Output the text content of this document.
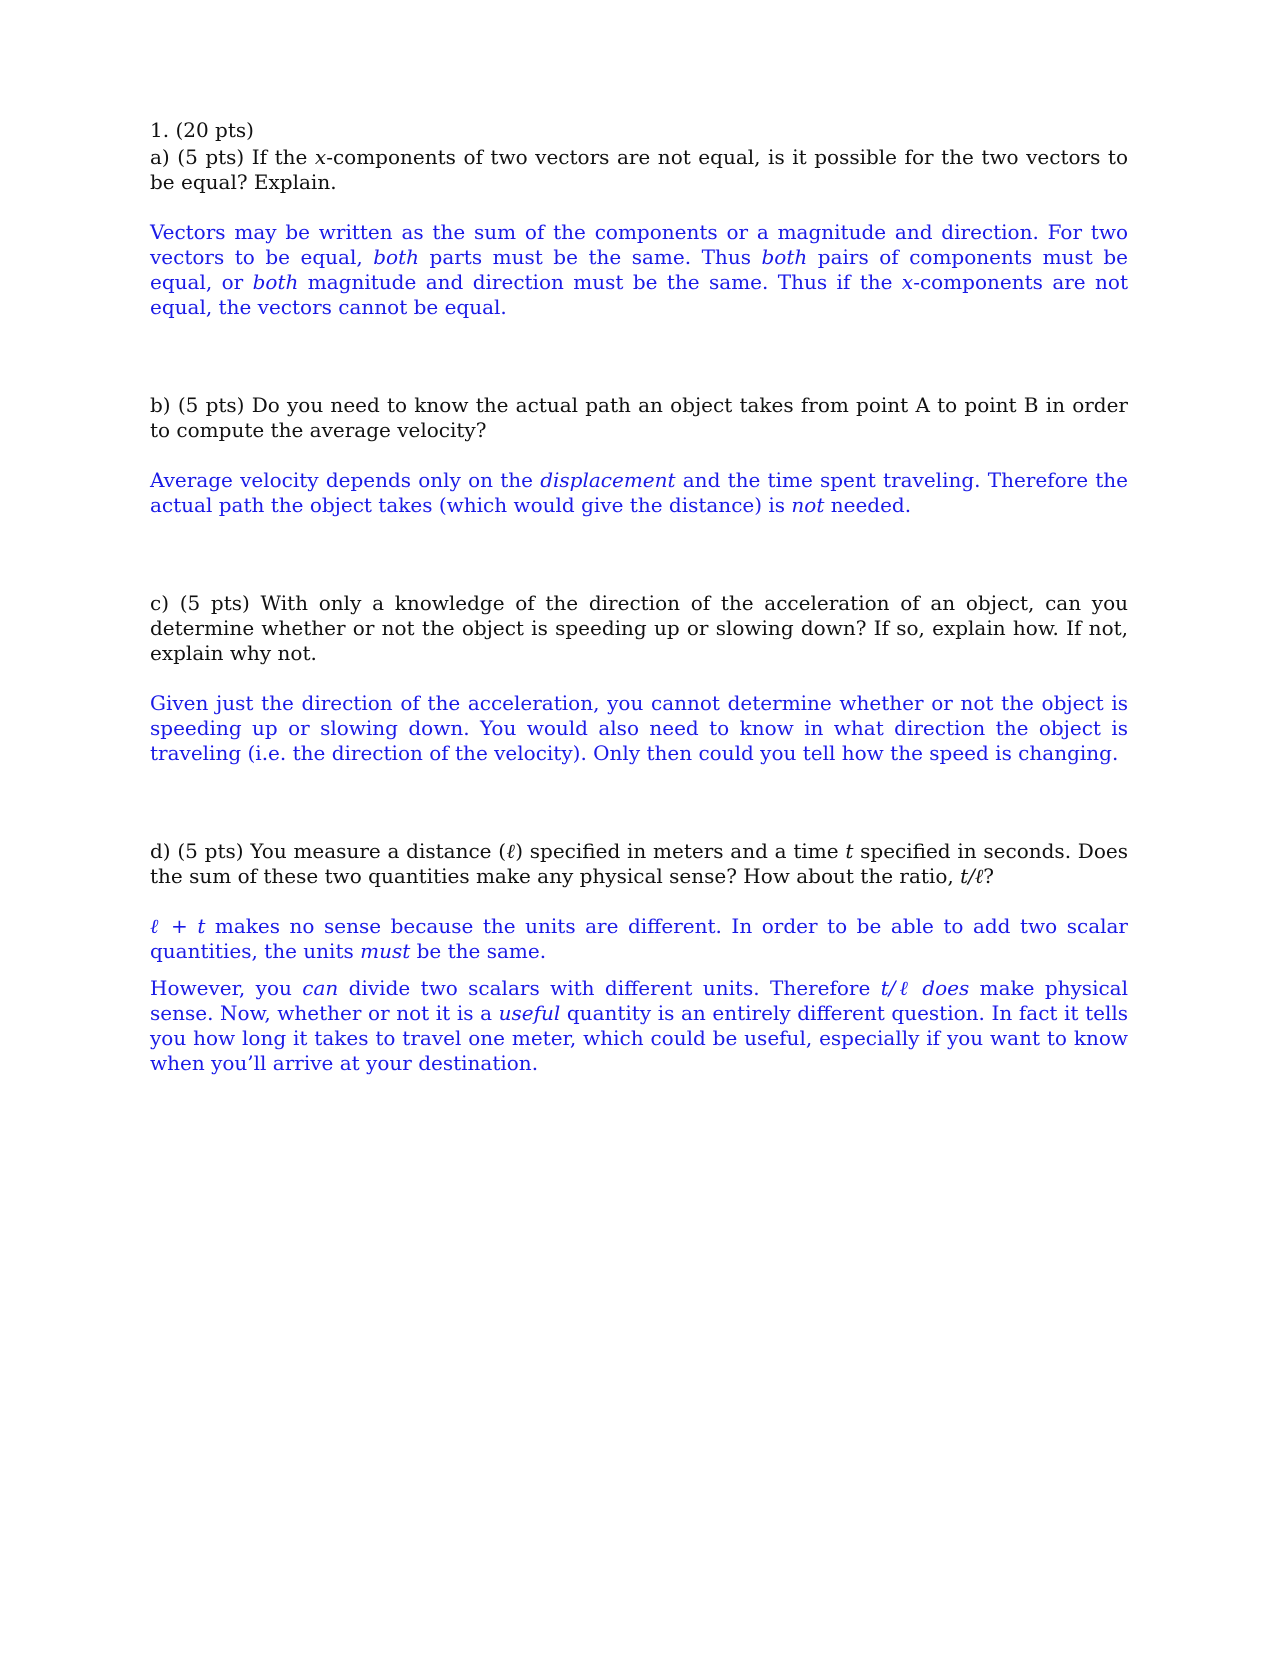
1. (20 pts)

a) (5 pts) If the x-components of two vectors are not equal, is it possible for the two vectors to be equal? Explain.

Vectors may be written as the sum of the components or a magnitude and direction. For two vectors to be equal, both parts must be the same. Thus both pairs of components must be equal, or both magnitude and direction must be the same. Thus if the x-components are not equal, the vectors cannot be equal.

b) (5 pts) Do you need to know the actual path an object takes from point A to point B in order to compute the average velocity?

Average velocity depends only on the displacement and the time spent traveling. Therefore the actual path the object takes (which would give the distance) is not needed.

c) (5 pts) With only a knowledge of the direction of the acceleration of an object, can you determine whether or not the object is speeding up or slowing down? If so, explain how. If not, explain why not.

Given just the direction of the acceleration, you cannot determine whether or not the object is speeding up or slowing down. You would also need to know in what direction the object is traveling (i.e. the direction of the velocity). Only then could you tell how the speed is changing.

d) (5 pts) You measure a distance (ℓ) specified in meters and a time t specified in seconds. Does the sum of these two quantities make any physical sense? How about the ratio, t/ℓ?

ℓ + t makes no sense because the units are different. In order to be able to add two scalar quantities, the units must be the same.

However, you can divide two scalars with different units. Therefore t/ℓ does make physical sense. Now, whether or not it is a useful quantity is an entirely different question. In fact it tells you how long it takes to travel one meter, which could be useful, especially if you want to know when you’ll arrive at your destination.
